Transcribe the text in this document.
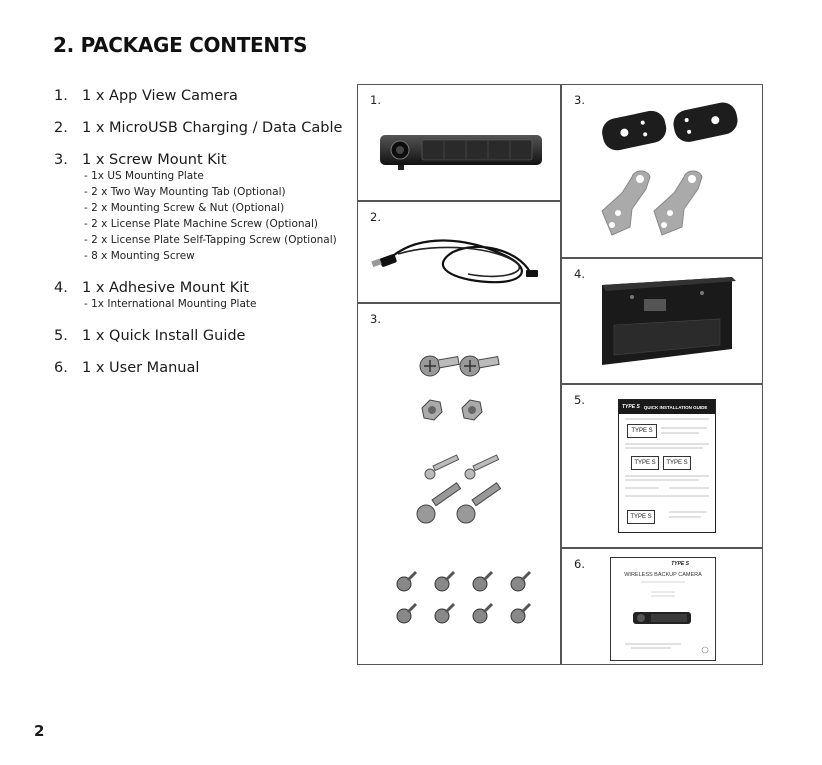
2. PACKAGE CONTENTS
1. 1 x App View Camera
2. 1 x MicroUSB Charging / Data Cable
3. 1 x Screw Mount Kit
4. 1 x Adhesive Mount Kit
5. 1 x Quick Install Guide
6. 1 x User Manual
- 1x US Mounting Plate
- 2 x Two Way Mounting Tab (Optional)
- 2 x Mounting Screw & Nut (Optional)
- 2 x License Plate Machine Screw (Optional)
- 2 x License Plate Self-Tapping Screw (Optional)
- 8 x Mounting Screw
- 1x International Mounting Plate
1.
2.
3.
3.
4.
5.	TYPE S QUICK INSTALLATION GUIDE
TYPE S
TYPE S	TYPE S
TYPE S
6.	TYPE S
WIRELESS BACKUP CAMERA
2
